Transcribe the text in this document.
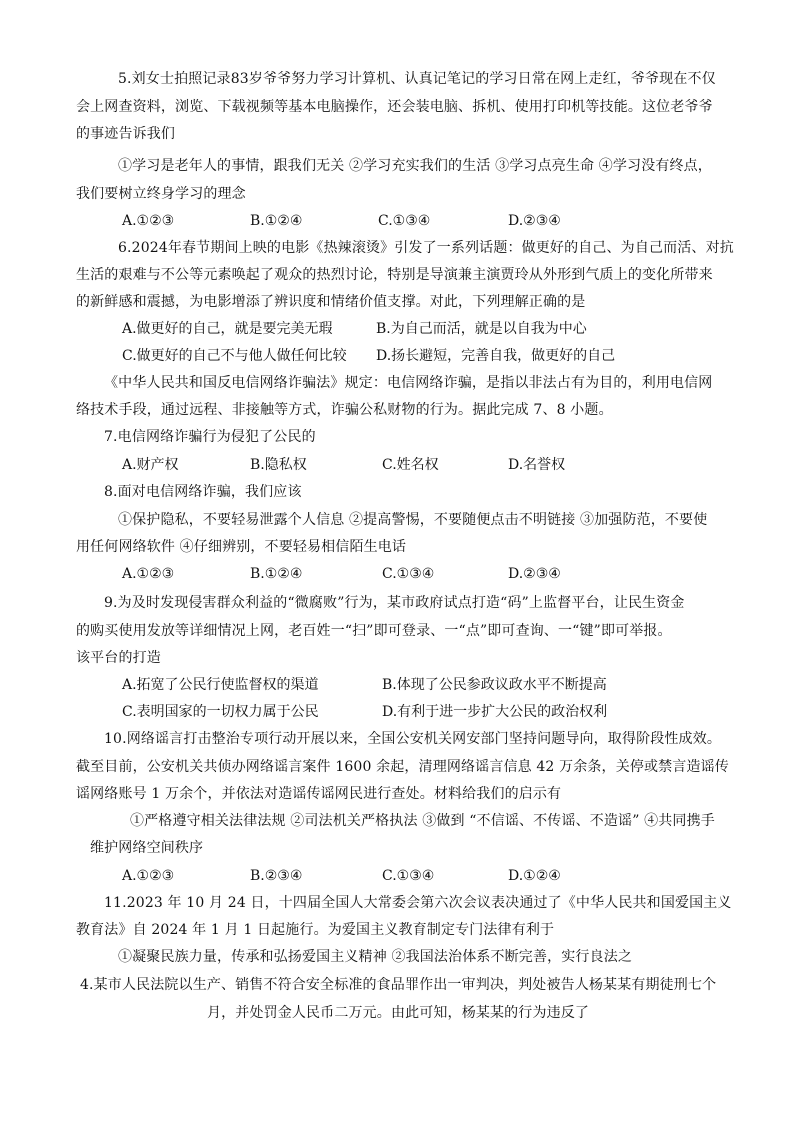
5.刘女士拍照记录83岁爷爷努力学习计算机、认真记笔记的学习日常在网上走红，爷爷现在不仅
会上网查资料，浏览、下载视频等基本电脑操作，还会装电脑、拆机、使用打印机等技能。这位老爷爷
的事迹告诉我们
①学习是老年人的事情，跟我们无关 ②学习充实我们的生活 ③学习点亮生命 ④学习没有终点，
我们要树立终身学习的理念
A.①②③	B.①②④	C.①③④	D.②③④
6.2024年春节期间上映的电影《热辣滚烫》引发了一系列话题：做更好的自己、为自己而活、对抗
生活的艰难与不公等元素唤起了观众的热烈讨论，特别是导演兼主演贾玲从外形到气质上的变化所带来
的新鲜感和震撼，为电影增添了辨识度和情绪价值支撑。对此，下列理解正确的是
A.做更好的自己，就是要完美无瑕	B.为自己而活，就是以自我为中心
C.做更好的自己不与他人做任何比较 D.扬长避短，完善自我，做更好的自己
《中华人民共和国反电信网络诈骗法》规定：电信网络诈骗，是指以非法占有为目的，利用电信网
络技术手段，通过远程、非接触等方式，诈骗公私财物的行为。据此完成 7、8 小题。
7.电信网络诈骗行为侵犯了公民的
A.财产权	B.隐私权	C.姓名权	D.名誉权
8.面对电信网络诈骗，我们应该
①保护隐私，不要轻易泄露个人信息 ②提高警惕，不要随便点击不明链接 ③加强防范，不要使
用任何网络软件 ④仔细辨别，不要轻易相信陌生电话
A.①②③	B.①②④	C.①③④	D.②③④
9.为及时发现侵害群众利益的“微腐败”行为，某市政府试点打造“码”上监督平台，让民生资金
的购买使用发放等详细情况上网，老百姓一“扫”即可登录、一“点”即可查询、一“键”即可举报。
该平台的打造
A.拓宽了公民行使监督权的渠道	B.体现了公民参政议政水平不断提高
C.表明国家的一切权力属于公民	D.有利于进一步扩大公民的政治权利
10.网络谣言打击整治专项行动开展以来，全国公安机关网安部门坚持问题导向，取得阶段性成效。
截至目前，公安机关共侦办网络谣言案件 1600 余起，清理网络谣言信息 42 万余条，关停或禁言造谣传
谣网络账号 1 万余个，并依法对造谣传谣网民进行查处。材料给我们的启示有
①严格遵守相关法律法规 ②司法机关严格执法 ③做到 “不信谣、不传谣、不造谣” ④共同携手
维护网络空间秩序
A.①②③	B.②③④	C.①③④	D.①②④
11.2023 年 10 月 24 日，十四届全国人大常委会第六次会议表决通过了《中华人民共和国爱国主义
教育法》自 2024 年 1 月 1 日起施行。为爱国主义教育制定专门法律有利于
①凝聚民族力量，传承和弘扬爱国主义精神 ②我国法治体系不断完善，实行良法之
4.某市人民法院以生产、销售不符合安全标准的食品罪作出一审判决，判处被告人杨某某有期徒刑七个
月，并处罚金人民币二万元。由此可知，杨某某的行为违反了
